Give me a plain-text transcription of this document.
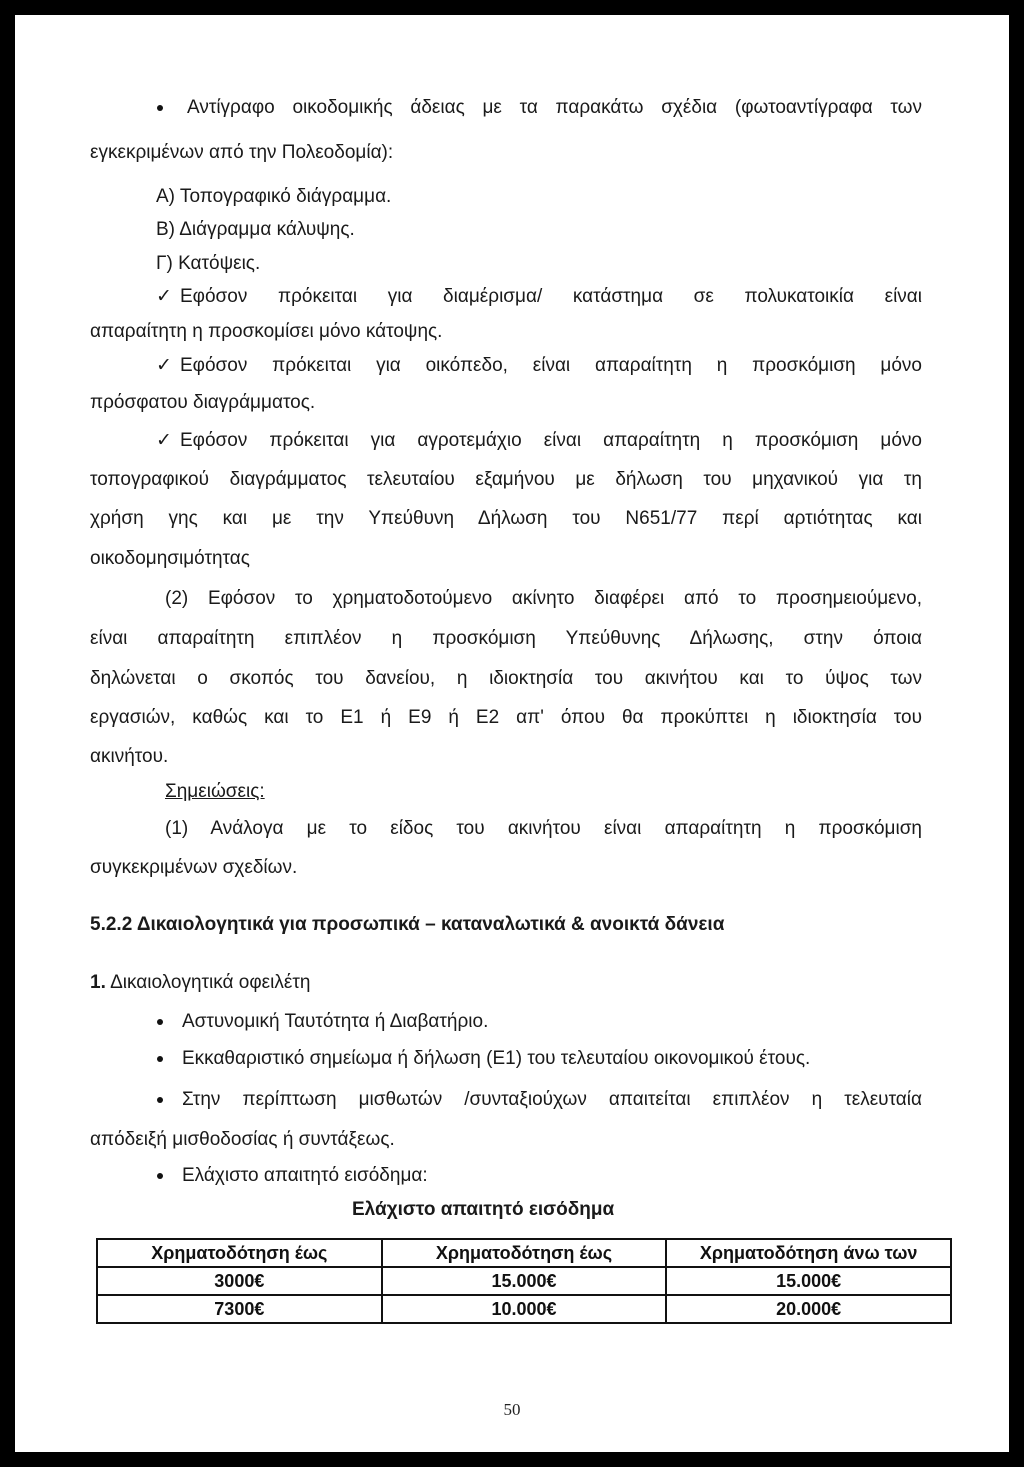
Αντίγραφο οικοδομικής άδειας με τα παρακάτω σχέδια (φωτοαντίγραφα των
εγκεκριμένων από την Πολεοδομία):
Α) Τοπογραφικό διάγραμμα.
Β) Διάγραμμα κάλυψης.
Γ) Κατόψεις.
✓ Εφόσον πρόκειται για διαμέρισμα/ κατάστημα σε πολυκατοικία είναι
απαραίτητη η προσκομίσει μόνο κάτοψης.
✓ Εφόσον πρόκειται για οικόπεδο, είναι απαραίτητη η προσκόμιση μόνο
πρόσφατου διαγράμματος.
✓ Εφόσον πρόκειται για αγροτεμάχιο είναι απαραίτητη η προσκόμιση μόνο
τοπογραφικού διαγράμματος τελευταίου εξαμήνου με δήλωση του μηχανικού για τη
χρήση γης και με την Υπεύθυνη Δήλωση του Ν651/77 περί αρτιότητας και
οικοδομησιμότητας
(2) Εφόσον το χρηματοδοτούμενο ακίνητο διαφέρει από το προσημειούμενο,
είναι απαραίτητη επιπλέον η προσκόμιση Υπεύθυνης Δήλωσης, στην όποια
δηλώνεται ο σκοπός του δανείου, η ιδιοκτησία του ακινήτου και το ύψος των
εργασιών, καθώς και το Ε1 ή Ε9 ή Ε2 απ' όπου θα προκύπτει η ιδιοκτησία του
ακινήτου.
Σημειώσεις:
(1) Ανάλογα με το είδος του ακινήτου είναι απαραίτητη η προσκόμιση
συγκεκριμένων σχεδίων.
5.2.2 Δικαιολογητικά για προσωπικά – καταναλωτικά & ανοικτά δάνεια
1. Δικαιολογητικά οφειλέτη
Αστυνομική Ταυτότητα ή Διαβατήριο.
Εκκαθαριστικό σημείωμα ή δήλωση (Ε1) του τελευταίου οικονομικού έτους.
Στην περίπτωση μισθωτών /συνταξιούχων απαιτείται επιπλέον η τελευταία
απόδειξή μισθοδοσίας ή συντάξεως.
Ελάχιστο απαιτητό εισόδημα:
Ελάχιστο απαιτητό εισόδημα
Χρηματοδότηση έως	Χρηματοδότηση έως	Χρηματοδότηση άνω των
3000€	15.000€	15.000€
7300€	10.000€	20.000€
50
